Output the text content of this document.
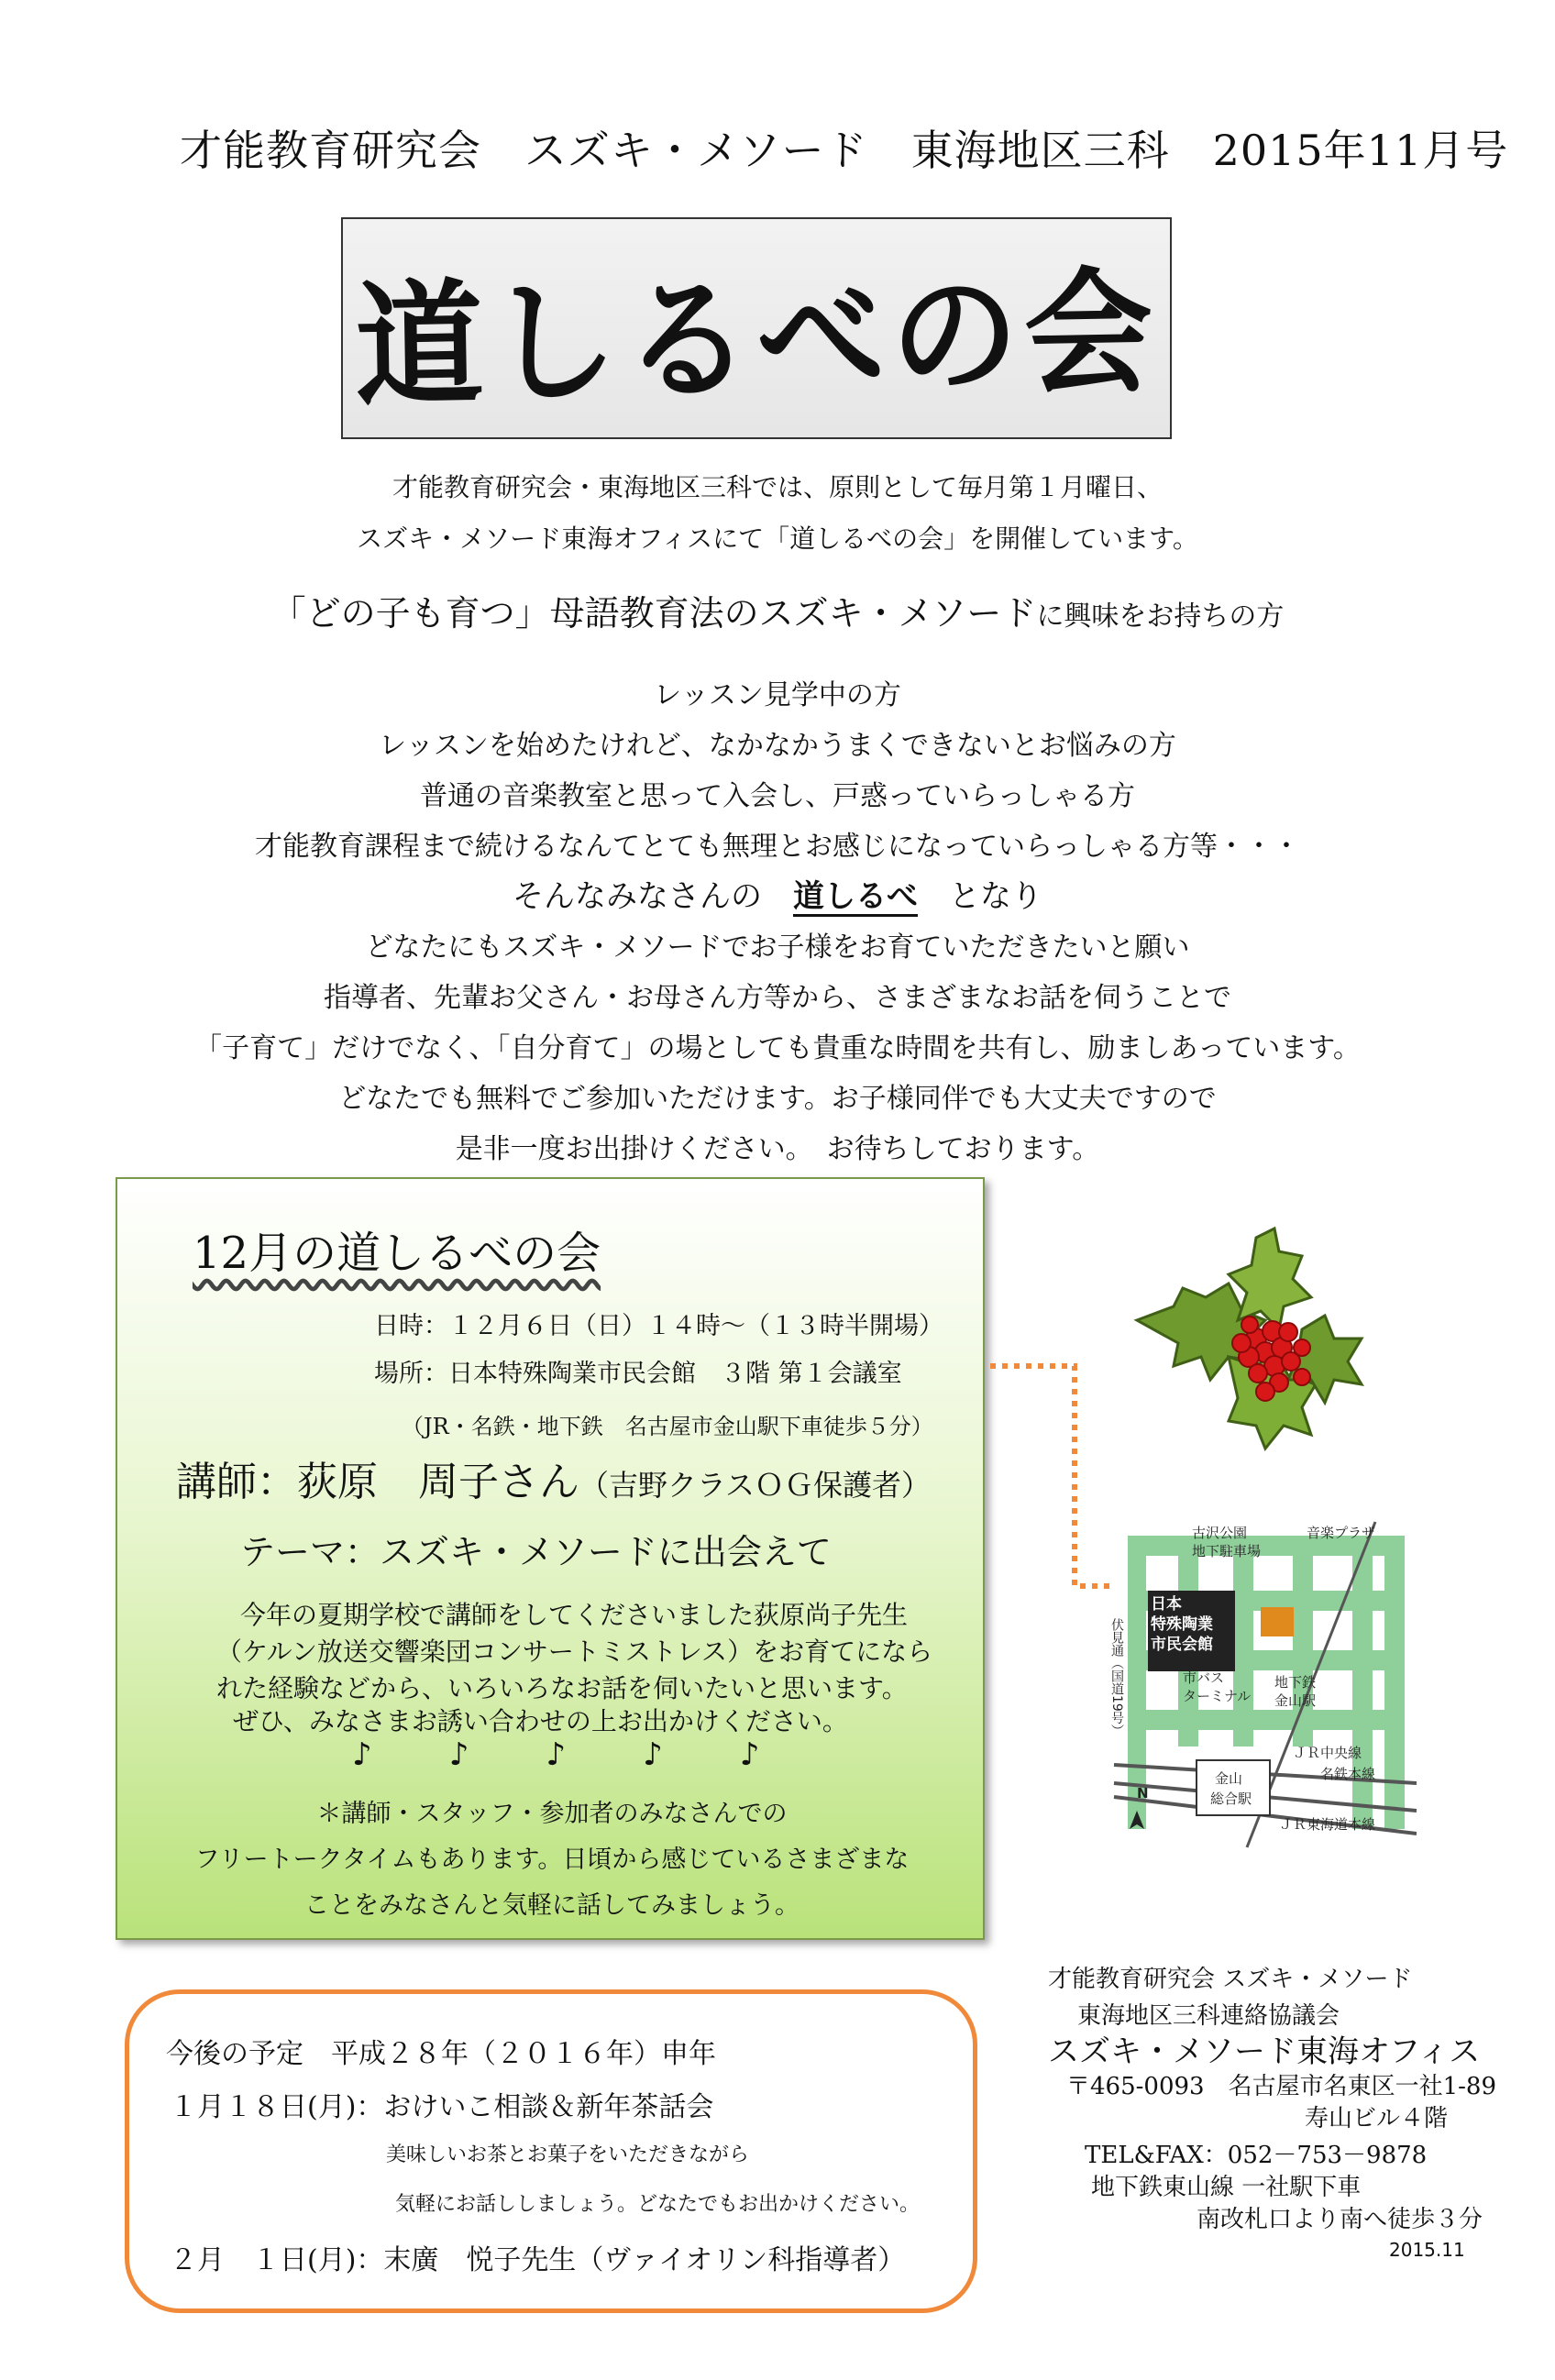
才能教育研究会　スズキ・メソード　東海地区三科　2015年11月号
道しるべの会
才能教育研究会・東海地区三科では、原則として毎月第１月曜日、
スズキ・メソード東海オフィスにて「道しるべの会」を開催しています。
「どの子も育つ」母語教育法のスズキ・メソードに興味をお持ちの方
レッスン見学中の方
レッスンを始めたけれど、なかなかうまくできないとお悩みの方
普通の音楽教室と思って入会し、戸惑っていらっしゃる方
才能教育課程まで続けるなんてとても無理とお感じになっていらっしゃる方等・・・
そんなみなさんの　道しるべ　となり
どなたにもスズキ・メソードでお子様をお育ていただきたいと願い
指導者、先輩お父さん・お母さん方等から、さまざまなお話を伺うことで
「子育て」だけでなく、「自分育て」の場としても貴重な時間を共有し、励ましあっています。
どなたでも無料でご参加いただけます。お子様同伴でも大丈夫ですので
是非一度お出掛けください。　お待ちしております。
12月の道しるべの会
日時：１２月６日（日）１４時～（１３時半開場）
場所：日本特殊陶業市民会館　３階 第１会議室
（JR・名鉄・地下鉄　名古屋市金山駅下車徒歩５分）
講師：荻原　周子さん（吉野クラスＯＧ保護者）
テーマ：スズキ・メソードに出会えて
今年の夏期学校で講師をしてくださいました荻原尚子先生
（ケルン放送交響楽団コンサートミストレス）をお育てになら
れた経験などから、いろいろなお話を伺いたいと思います。
ぜひ、みなさまお誘い合わせの上お出かけください。
♪♪♪♪♪
＊講師・スタッフ・参加者のみなさんでの
フリートークタイムもあります。日頃から感じているさまざまな
ことをみなさんと気軽に話してみましょう。
古沢公園
地下駐車場
音楽プラザ
日本
特殊陶業
市民会館
市バス
ターミナル
地下鉄
金山駅
金山
総合駅
ＪＲ中央線
名鉄本線
ＪＲ東海道本線
N
伏見通（国道19号）
今後の予定　平成２８年（２０１６年）申年
１月１８日(月)：おけいこ相談＆新年茶話会
美味しいお茶とお菓子をいただきながら
気軽にお話ししましょう。どなたでもお出かけください。
２月　１日(月)：末廣　悦子先生（ヴァイオリン科指導者）
才能教育研究会 スズキ・メソード
東海地区三科連絡協議会
スズキ・メソード東海オフィス
〒465-0093　名古屋市名東区一社1-89
寿山ビル４階
TEL&FAX：052－753－9878
地下鉄東山線 一社駅下車
南改札口より南へ徒歩３分
2015.11
